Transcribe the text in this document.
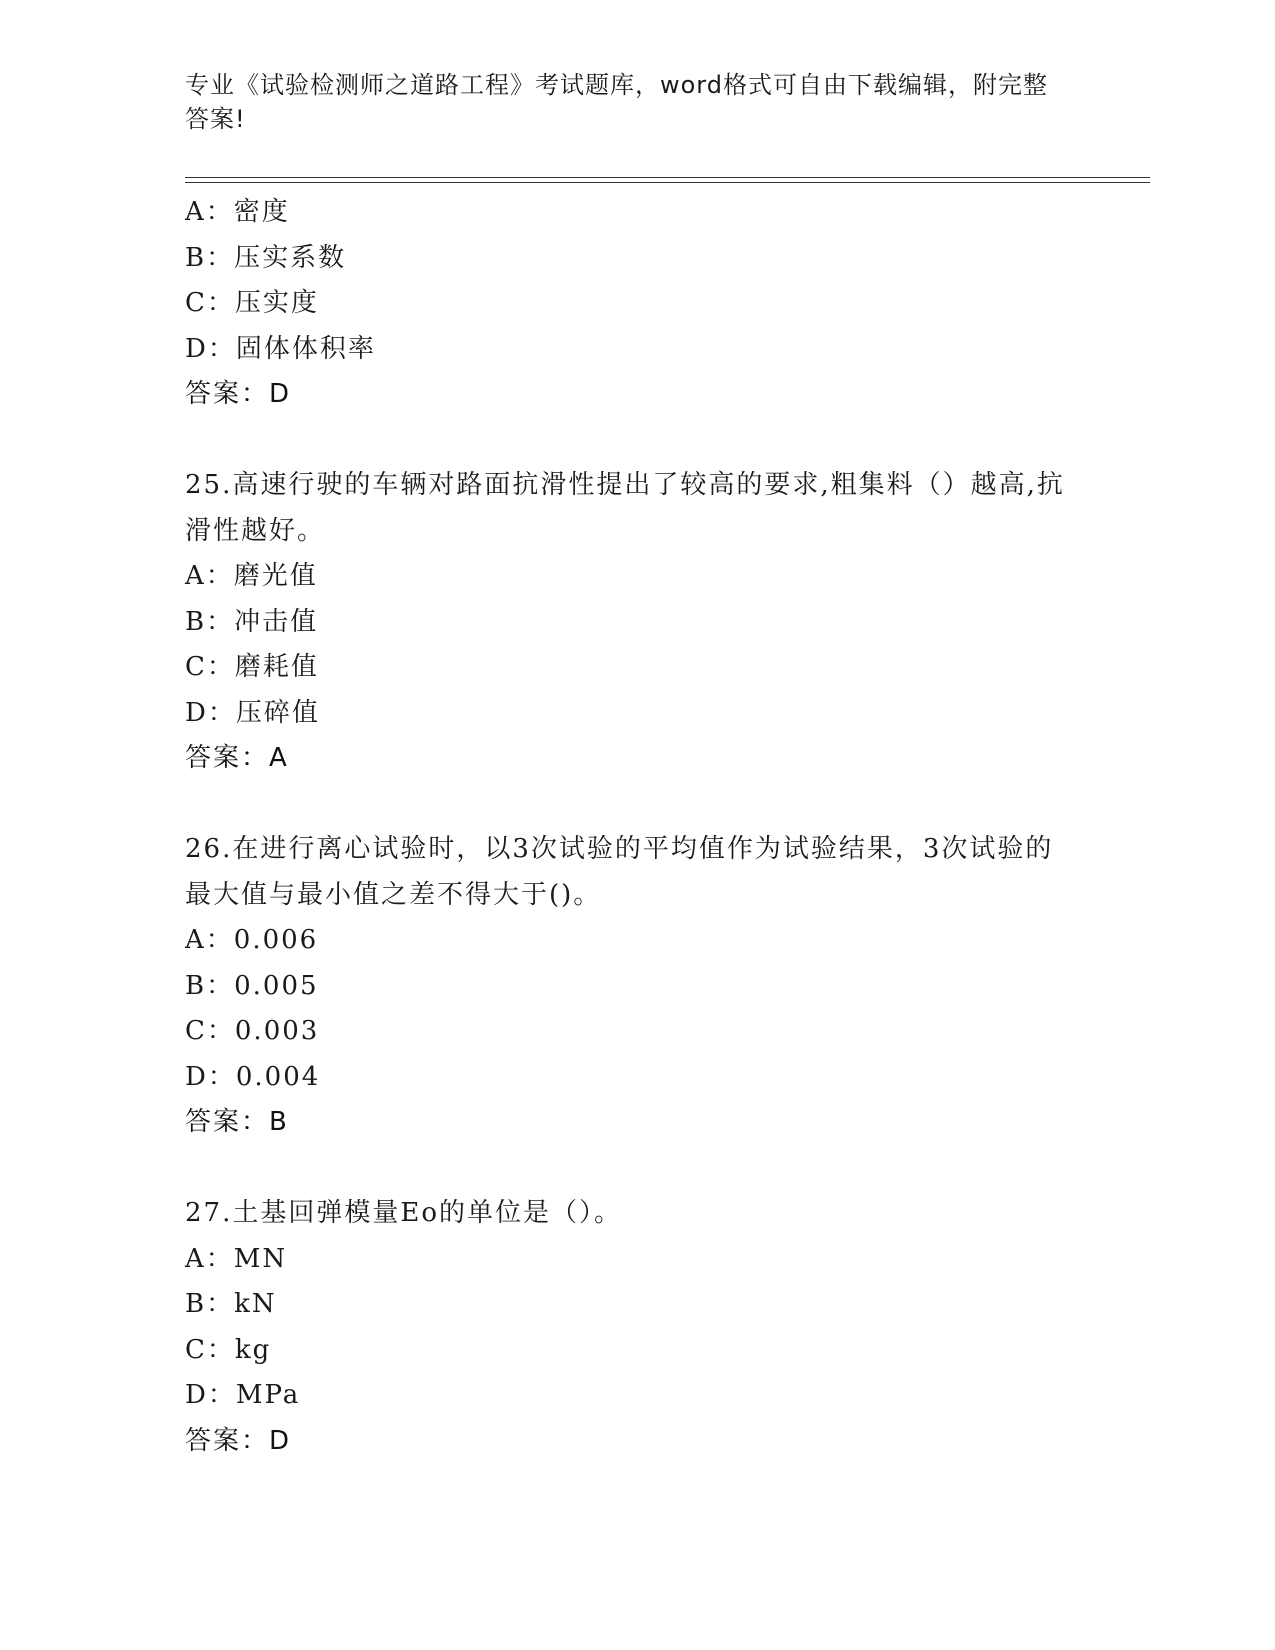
专业《试验检测师之道路工程》考试题库，word格式可自由下载编辑，附完整答案!
A：密度
B：压实系数
C：压实度
D：固体体积率
答案：D
25.高速行驶的车辆对路面抗滑性提出了较高的要求,粗集料（）越高,抗滑性越好。
A：磨光值
B：冲击值
C：磨耗值
D：压碎值
答案：A
26.在进行离心试验时，以3次试验的平均值作为试验结果，3次试验的最大值与最小值之差不得大于()。
A：0.006
B：0.005
C：0.003
D：0.004
答案：B
27.土基回弹模量Eo的单位是（）。
A：MN
B：kN
C：kg
D：MPa
答案：D
